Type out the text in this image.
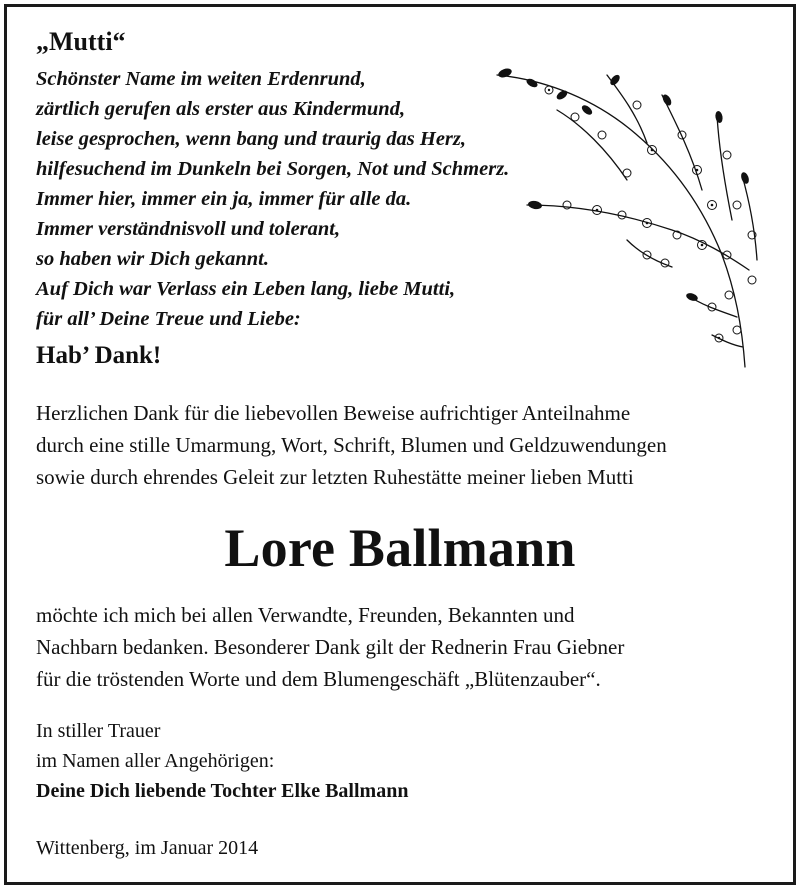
„Mutti“
Schönster Name im weiten Erdenrund,
zärtlich gerufen als erster aus Kindermund,
leise gesprochen, wenn bang und traurig das Herz,
hilfesuchend im Dunkeln bei Sorgen, Not und Schmerz.
Immer hier, immer ein ja, immer für alle da.
Immer verständnisvoll und tolerant,
so haben wir Dich gekannt.
Auf Dich war Verlass ein Leben lang, liebe Mutti,
für all’ Deine Treue und Liebe:
Hab’ Dank!
Herzlichen Dank für die liebevollen Beweise aufrichtiger Anteilnahme
durch eine stille Umarmung, Wort, Schrift, Blumen und Geldzuwendungen
sowie durch ehrendes Geleit zur letzten Ruhestätte meiner lieben Mutti
Lore Ballmann
möchte ich mich bei allen Verwandte, Freunden, Bekannten und
Nachbarn bedanken. Besonderer Dank gilt der Rednerin Frau Giebner
für die tröstenden Worte und dem Blumengeschäft „Blütenzauber“.
In stiller Trauer
im Namen aller Angehörigen:
Deine Dich liebende Tochter Elke Ballmann
Wittenberg, im Januar 2014
